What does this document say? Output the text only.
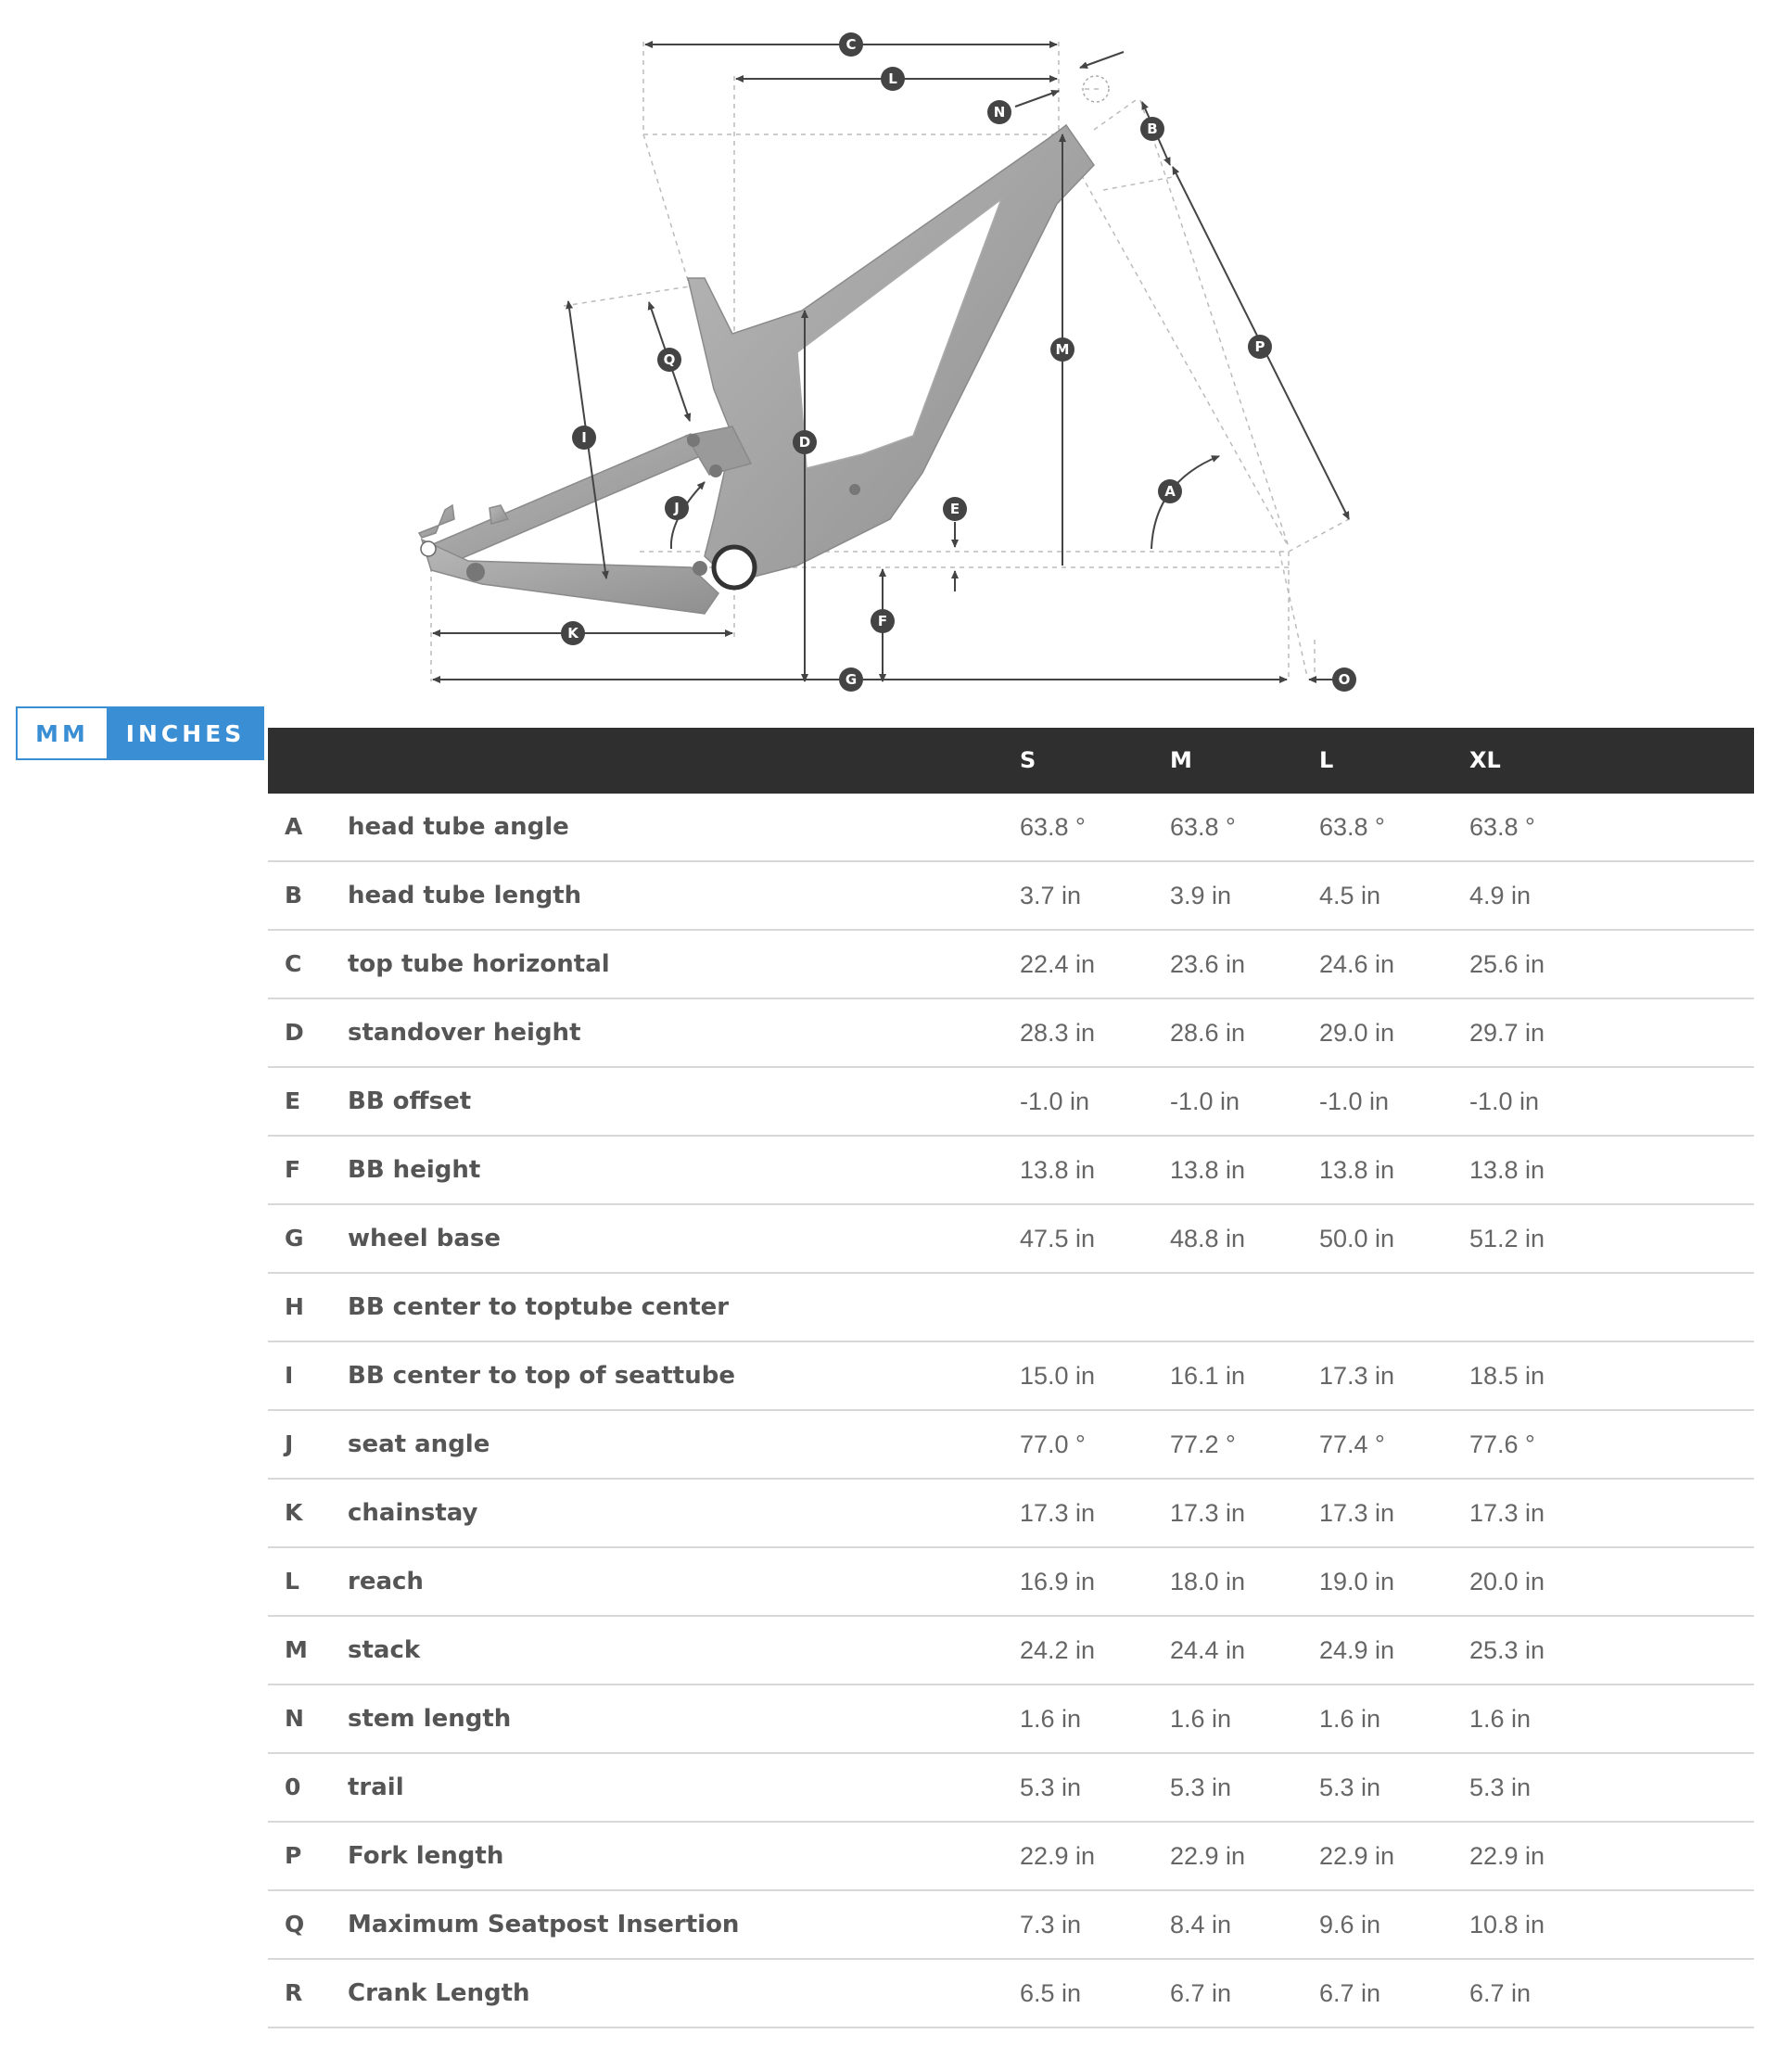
C
L
N
B
P
M
A
D
E
F
G	O
K
I
Q
J
MM	INCHES
S	M	L	XL
A head tube angle	63.8 °	63.8 °	63.8 °	63.8 °
B head tube length	3.7 in	3.9 in	4.5 in	4.9 in
C top tube horizontal	22.4 in	23.6 in	24.6 in	25.6 in
D standover height	28.3 in	28.6 in	29.0 in	29.7 in
E BB offset	-1.0 in	-1.0 in	-1.0 in	-1.0 in
F BB height	13.8 in	13.8 in	13.8 in	13.8 in
G wheel base	47.5 in	48.8 in	50.0 in	51.2 in
H BB center to toptube center
I BB center to top of seattube	15.0 in	16.1 in	17.3 in	18.5 in
J seat angle	77.0 °	77.2 °	77.4 °	77.6 °
K chainstay	17.3 in	17.3 in	17.3 in	17.3 in
L reach	16.9 in	18.0 in	19.0 in	20.0 in
M stack	24.2 in	24.4 in	24.9 in	25.3 in
N stem length	1.6 in	1.6 in	1.6 in	1.6 in
0 trail	5.3 in	5.3 in	5.3 in	5.3 in
P Fork length	22.9 in	22.9 in	22.9 in	22.9 in
Q Maximum Seatpost Insertion	7.3 in	8.4 in	9.6 in	10.8 in
R Crank Length	6.5 in	6.7 in	6.7 in	6.7 in
